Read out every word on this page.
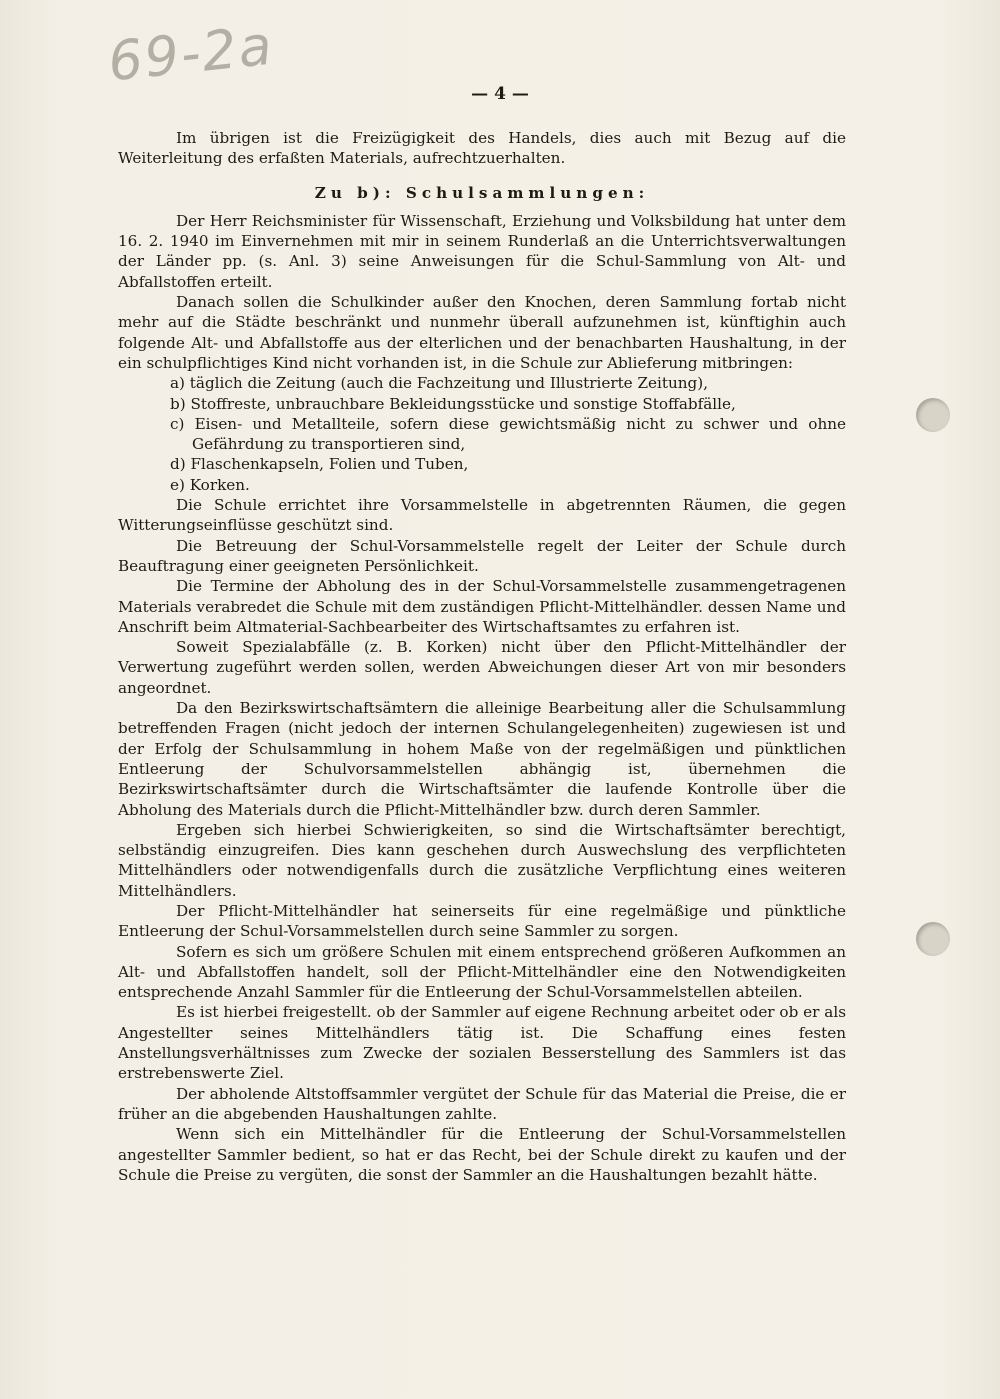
69-2a
— 4 —

Im übrigen ist die Freizügigkeit des Handels, dies auch mit Bezug auf die Weiterleitung des erfaßten Materials, aufrechtzuerhalten.

Zu b): Schulsammlungen:

Der Herr Reichsminister für Wissenschaft, Erziehung und Volksbildung hat unter dem 16. 2. 1940 im Einvernehmen mit mir in seinem Runderlaß an die Unterrichtsverwaltungen der Länder pp. (s. Anl. 3) seine Anweisungen für die Schul-Sammlung von Alt- und Abfallstoffen erteilt.

Danach sollen die Schulkinder außer den Knochen, deren Sammlung fortab nicht mehr auf die Städte beschränkt und nunmehr überall aufzunehmen ist, künftighin auch folgende Alt- und Abfallstoffe aus der elterlichen und der benachbarten Haushaltung, in der ein schulpflichtiges Kind nicht vorhanden ist, in die Schule zur Ablieferung mitbringen:

a) täglich die Zeitung (auch die Fachzeitung und Illustrierte Zeitung),
b) Stoffreste, unbrauchbare Bekleidungsstücke und sonstige Stoffabfälle,
c) Eisen- und Metallteile, sofern diese gewichtsmäßig nicht zu schwer und ohne Gefährdung zu transportieren sind,
d) Flaschenkapseln, Folien und Tuben,
e) Korken.

Die Schule errichtet ihre Vorsammelstelle in abgetrennten Räumen, die gegen Witterungseinflüsse geschützt sind.

Die Betreuung der Schul-Vorsammelstelle regelt der Leiter der Schule durch Beauftragung einer geeigneten Persönlichkeit.

Die Termine der Abholung des in der Schul-Vorsammelstelle zusammengetragenen Materials verabredet die Schule mit dem zuständigen Pflicht-Mittelhändler. dessen Name und Anschrift beim Altmaterial-Sachbearbeiter des Wirtschaftsamtes zu erfahren ist.

Soweit Spezialabfälle (z. B. Korken) nicht über den Pflicht-Mittelhändler der Verwertung zugeführt werden sollen, werden Abweichungen dieser Art von mir besonders angeordnet.

Da den Bezirkswirtschaftsämtern die alleinige Bearbeitung aller die Schulsammlung betreffenden Fragen (nicht jedoch der internen Schulangelegenheiten) zugewiesen ist und der Erfolg der Schulsammlung in hohem Maße von der regelmäßigen und pünktlichen Entleerung der Schulvorsammelstellen abhängig ist, übernehmen die Bezirkswirtschaftsämter durch die Wirtschaftsämter die laufende Kontrolle über die Abholung des Materials durch die Pflicht-Mittelhändler bzw. durch deren Sammler.

Ergeben sich hierbei Schwierigkeiten, so sind die Wirtschaftsämter berechtigt, selbständig einzugreifen. Dies kann geschehen durch Auswechslung des verpflichteten Mittelhändlers oder notwendigenfalls durch die zusätzliche Verpflichtung eines weiteren Mittelhändlers.

Der Pflicht-Mittelhändler hat seinerseits für eine regelmäßige und pünktliche Entleerung der Schul-Vorsammelstellen durch seine Sammler zu sorgen.

Sofern es sich um größere Schulen mit einem entsprechend größeren Aufkommen an Alt- und Abfallstoffen handelt, soll der Pflicht-Mittelhändler eine den Notwendigkeiten entsprechende Anzahl Sammler für die Entleerung der Schul-Vorsammelstellen abteilen.

Es ist hierbei freigestellt. ob der Sammler auf eigene Rechnung arbeitet oder ob er als Angestellter seines Mittelhändlers tätig ist. Die Schaffung eines festen Anstellungsverhältnisses zum Zwecke der sozialen Besserstellung des Sammlers ist das erstrebenswerte Ziel.

Der abholende Altstoffsammler vergütet der Schule für das Material die Preise, die er früher an die abgebenden Haushaltungen zahlte.

Wenn sich ein Mittelhändler für die Entleerung der Schul-Vorsammelstellen angestellter Sammler bedient, so hat er das Recht, bei der Schule direkt zu kaufen und der Schule die Preise zu vergüten, die sonst der Sammler an die Haushaltungen bezahlt hätte.
